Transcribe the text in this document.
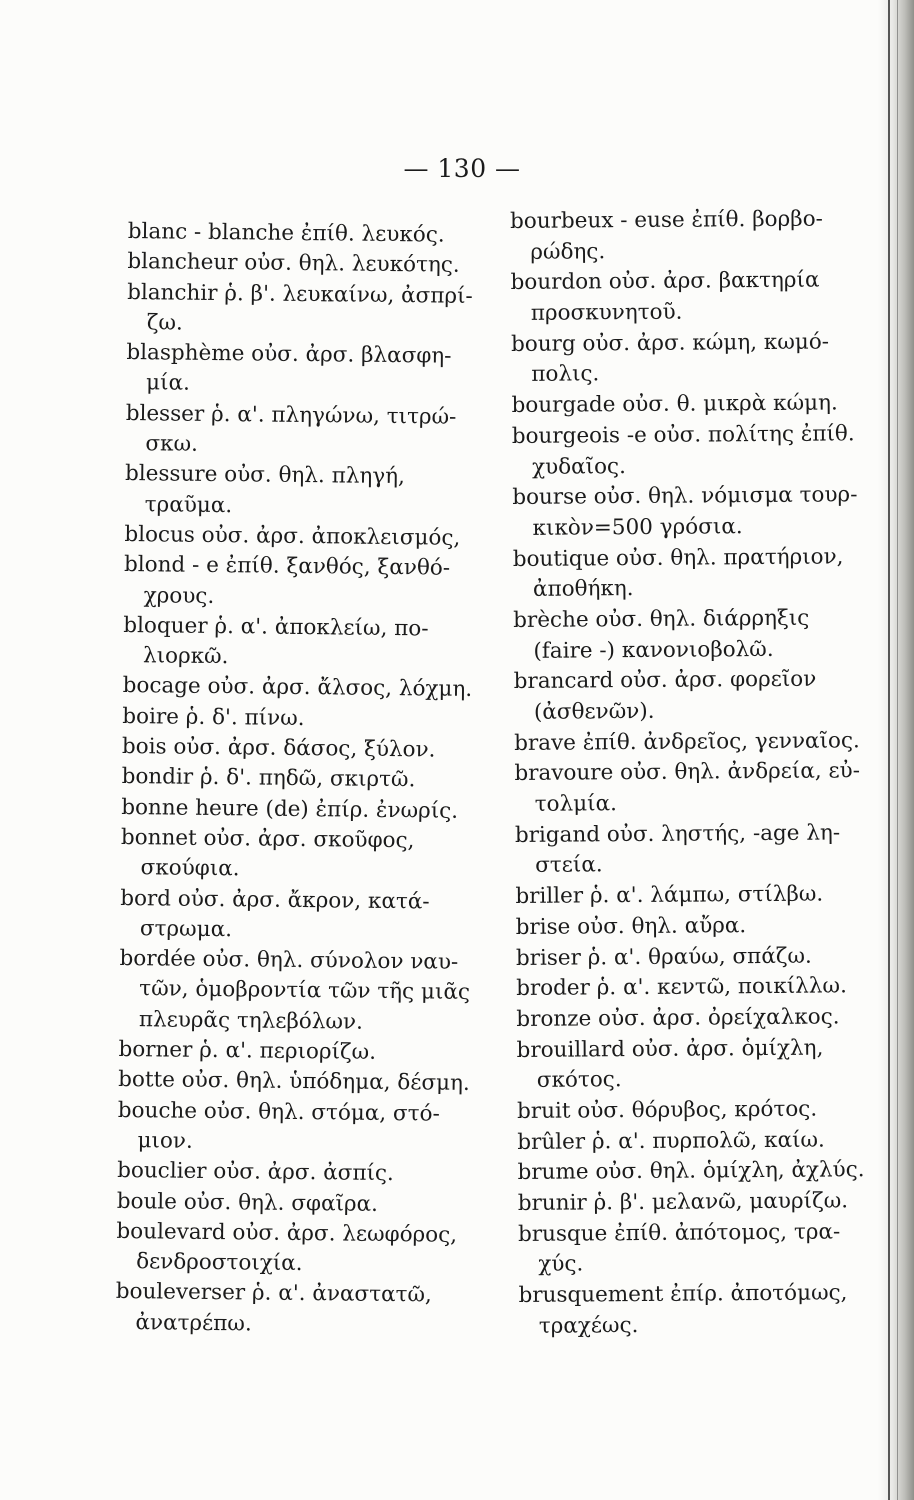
— 130 —
blanc - blanche ἐπίθ. λευκός.
blancheur οὐσ. θηλ. λευκότης.
blanchir ῥ. β'. λευκαίνω, ἀσπρί-
ζω.
blasphème οὐσ. ἀρσ. βλασφη-
μία.
blesser ῥ. α'. πληγώνω, τιτρώ-
σκω.
blessure οὐσ. θηλ. πληγή,
τραῦμα.
blocus οὐσ. ἀρσ. ἀποκλεισμός,
blond - e ἐπίθ. ξανθός, ξανθό-
χρους.
bloquer ῥ. α'. ἀποκλείω, πο-
λιορκῶ.
bocage οὐσ. ἀρσ. ἄλσος, λόχμη.
boire ῥ. δ'. πίνω.
bois οὐσ. ἀρσ. δάσος, ξύλον.
bondir ῥ. δ'. πηδῶ, σκιρτῶ.
bonne heure (de) ἐπίρ. ἐνωρίς.
bonnet οὐσ. ἀρσ. σκοῦφος,
σκούφια.
bord οὐσ. ἀρσ. ἄκρον, κατά-
στρωμα.
bordée οὐσ. θηλ. σύνολον ναυ-
τῶν, ὁμοβροντία τῶν τῆς μιᾶς
πλευρᾶς τηλεβόλων.
borner ῥ. α'. περιορίζω.
botte οὐσ. θηλ. ὑπόδημα, δέσμη.
bouche οὐσ. θηλ. στόμα, στό-
μιον.
bouclier οὐσ. ἀρσ. ἀσπίς.
boule οὐσ. θηλ. σφαῖρα.
boulevard οὐσ. ἀρσ. λεωφόρος,
δενδροστοιχία.
bouleverser ῥ. α'. ἀναστατῶ,
ἀνατρέπω.
bourbeux - euse ἐπίθ. βορβο-
ρώδης.
bourdon οὐσ. ἀρσ. βακτηρία
προσκυνητοῦ.
bourg οὐσ. ἀρσ. κώμη, κωμό-
πολις.
bourgade οὐσ. θ. μικρὰ κώμη.
bourgeois -e οὐσ. πολίτης ἐπίθ.
χυδαῖος.
bourse οὐσ. θηλ. νόμισμα τουρ-
κικὸν=500 γρόσια.
boutique οὐσ. θηλ. πρατήριον,
ἀποθήκη.
brèche οὐσ. θηλ. διάρρηξις
(faire -) κανονιοβολῶ.
brancard οὐσ. ἀρσ. φορεῖον
(ἀσθενῶν).
brave ἐπίθ. ἀνδρεῖος, γενναῖος.
bravoure οὐσ. θηλ. ἀνδρεία, εὐ-
τολμία.
brigand οὐσ. ληστής, -age λη-
στεία.
briller ῥ. α'. λάμπω, στίλβω.
brise οὐσ. θηλ. αὔρα.
briser ῥ. α'. θραύω, σπάζω.
broder ῥ. α'. κεντῶ, ποικίλλω.
bronze οὐσ. ἀρσ. ὀρείχαλκος.
brouillard οὐσ. ἀρσ. ὁμίχλη,
σκότος.
bruit οὐσ. θόρυβος, κρότος.
brûler ῥ. α'. πυρπολῶ, καίω.
brume οὐσ. θηλ. ὁμίχλη, ἀχλύς.
brunir ῥ. β'. μελανῶ, μαυρίζω.
brusque ἐπίθ. ἀπότομος, τρα-
χύς.
brusquement ἐπίρ. ἀποτόμως,
τραχέως.
